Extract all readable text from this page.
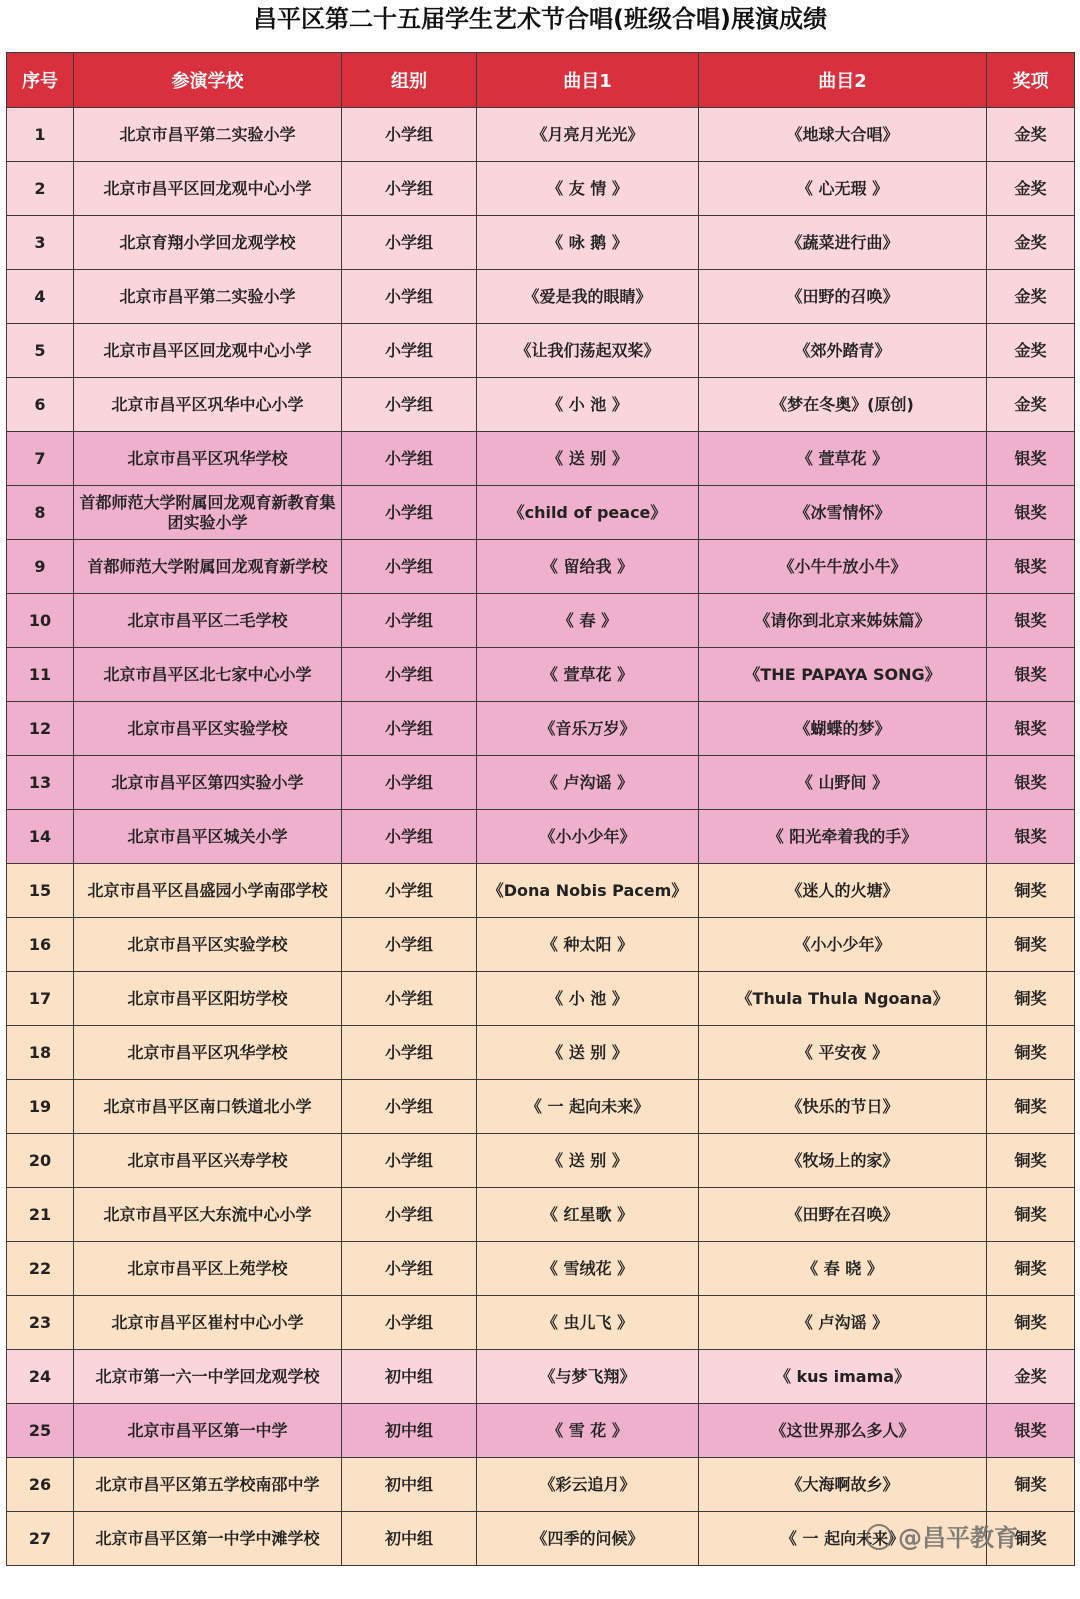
昌平区第二十五届学生艺术节合唱(班级合唱)展演成绩
序号	参演学校	组别	曲目1	曲目2	奖项
1	北京市昌平第二实验小学	小学组	《月亮月光光》	《地球大合唱》	金奖
2	北京市昌平区回龙观中心小学	小学组	《 友 情 》	《 心无瑕 》	金奖
3	北京育翔小学回龙观学校	小学组	《 咏 鹅 》	《蔬菜进行曲》	金奖
4	北京市昌平第二实验小学	小学组	《爱是我的眼睛》	《田野的召唤》	金奖
5	北京市昌平区回龙观中心小学	小学组	《让我们荡起双桨》	《郊外踏青》	金奖
6	北京市昌平区巩华中心小学	小学组	《 小 池 》	《梦在冬奥》(原创)	金奖
7	北京市昌平区巩华学校	小学组	《 送 别 》	《 萱草花 》	银奖
8	首都师范大学附属回龙观育新教育集团实验小学	小学组	《child of peace》	《冰雪情怀》	银奖
9	首都师范大学附属回龙观育新学校	小学组	《 留给我 》	《小牛牛放小牛》	银奖
10	北京市昌平区二毛学校	小学组	《 春 》	《请你到北京来姊妹篇》	银奖
11	北京市昌平区北七家中心小学	小学组	《 萱草花 》	《THE PAPAYA SONG》	银奖
12	北京市昌平区实验学校	小学组	《音乐万岁》	《蝴蝶的梦》	银奖
13	北京市昌平区第四实验小学	小学组	《 卢沟谣 》	《 山野间 》	银奖
14	北京市昌平区城关小学	小学组	《小小少年》	《 阳光牵着我的手》	银奖
15	北京市昌平区昌盛园小学南邵学校	小学组	《Dona Nobis Pacem》	《迷人的火塘》	铜奖
16	北京市昌平区实验学校	小学组	《 种太阳 》	《小小少年》	铜奖
17	北京市昌平区阳坊学校	小学组	《 小 池 》	《Thula Thula Ngoana》	铜奖
18	北京市昌平区巩华学校	小学组	《 送 别 》	《 平安夜 》	铜奖
19	北京市昌平区南口铁道北小学	小学组	《 一 起向未来》	《快乐的节日》	铜奖
20	北京市昌平区兴寿学校	小学组	《 送 别 》	《牧场上的家》	铜奖
21	北京市昌平区大东流中心小学	小学组	《 红星歌 》	《田野在召唤》	铜奖
22	北京市昌平区上苑学校	小学组	《 雪绒花 》	《 春 晓 》	铜奖
23	北京市昌平区崔村中心小学	小学组	《 虫儿飞 》	《 卢沟谣 》	铜奖
24	北京市第一六一中学回龙观学校	初中组	《与梦飞翔》	《 kus imama》	金奖
25	北京市昌平区第一中学	初中组	《 雪 花 》	《这世界那么多人》	银奖
26	北京市昌平区第五学校南邵中学	初中组	《彩云追月》	《大海啊故乡》	铜奖
27	北京市昌平区第一中学中滩学校	初中组	《四季的问候》	《 一 起向未来》	铜奖
@昌平教育
